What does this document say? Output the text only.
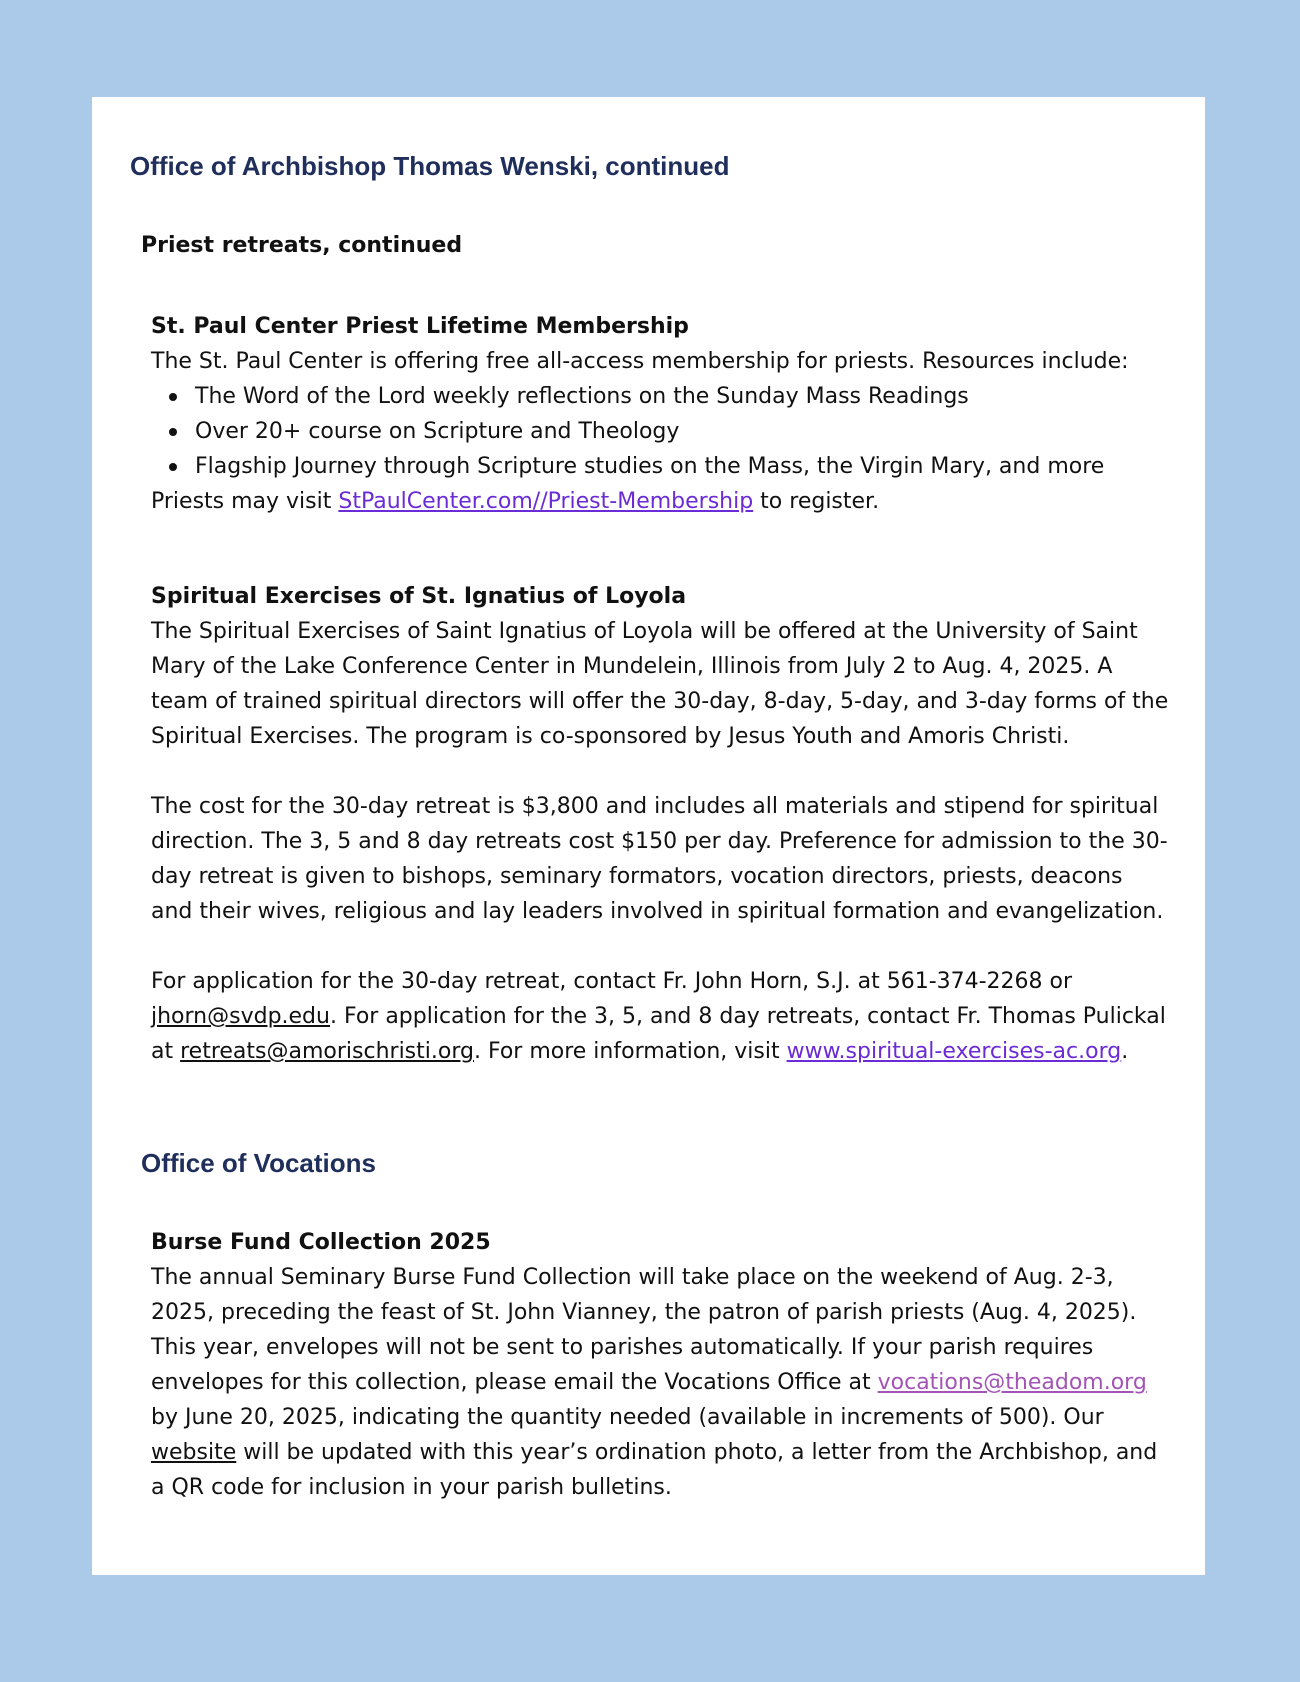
Office of Archbishop Thomas Wenski, continued
Priest retreats, continued
St. Paul Center Priest Lifetime Membership

The St. Paul Center is offering free all-access membership for priests. Resources include:

The Word of the Lord weekly reflections on the Sunday Mass Readings
Over 20+ course on Scripture and Theology
Flagship Journey through Scripture studies on the Mass, the Virgin Mary, and more

Priests may visit StPaulCenter.com//Priest-Membership to register.

Spiritual Exercises of St. Ignatius of Loyola

The Spiritual Exercises of Saint Ignatius of Loyola will be offered at the University of Saint
Mary of the Lake Conference Center in Mundelein, Illinois from July 2 to Aug. 4, 2025. A
team of trained spiritual directors will offer the 30-day, 8-day, 5-day, and 3-day forms of the
Spiritual Exercises. The program is co-sponsored by Jesus Youth and Amoris Christi.

The cost for the 30-day retreat is $3,800 and includes all materials and stipend for spiritual
direction. The 3, 5 and 8 day retreats cost $150 per day. Preference for admission to the 30-
day retreat is given to bishops, seminary formators, vocation directors, priests, deacons
and their wives, religious and lay leaders involved in spiritual formation and evangelization.

For application for the 30-day retreat, contact Fr. John Horn, S.J. at 561-374-2268 or
jhorn@svdp.edu. For application for the 3, 5, and 8 day retreats, contact Fr. Thomas Pulickal
at retreats@amorischristi.org. For more information, visit www.spiritual-exercises-ac.org.

Office of Vocations
Burse Fund Collection 2025

The annual Seminary Burse Fund Collection will take place on the weekend of Aug. 2-3,
2025, preceding the feast of St. John Vianney, the patron of parish priests (Aug. 4, 2025).
This year, envelopes will not be sent to parishes automatically. If your parish requires
envelopes for this collection, please email the Vocations Office at vocations@theadom.org
by June 20, 2025, indicating the quantity needed (available in increments of 500). Our
website will be updated with this year’s ordination photo, a letter from the Archbishop, and
a QR code for inclusion in your parish bulletins.
